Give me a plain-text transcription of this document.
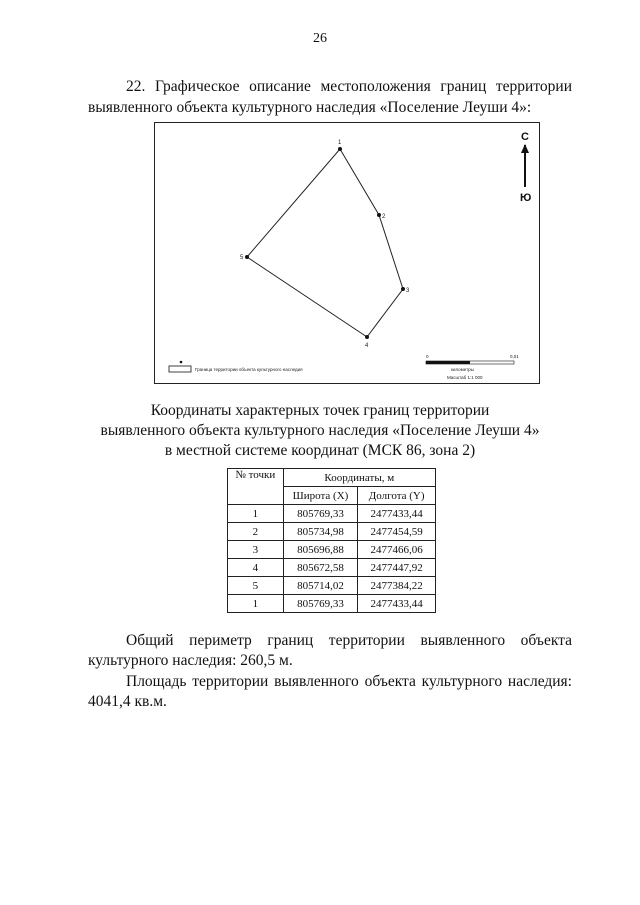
26
22. Графическое описание местоположения границ территории
выявленного объекта культурного наследия «Поселение Леуши 4»:
1
2
3
4
5
С
Ю
Граница территории объекта культурного наследия
0	0,01
километры
Масштаб 1:1 000
Координаты характерных точек границ территории
выявленного объекта культурного наследия «Поселение Леуши 4»
в местной системе координат (МСК 86, зона 2)
№ точки	Координаты, м	
	Широта (X)	Долгота (Y)
1	805769,33	2477433,44
2	805734,98	2477454,59
3	805696,88	2477466,06
4	805672,58	2477447,92
5	805714,02	2477384,22
1	805769,33	2477433,44
Общий периметр границ территории выявленного объекта
культурного наследия: 260,5 м.
Площадь территории выявленного объекта культурного наследия:
4041,4 кв.м.
